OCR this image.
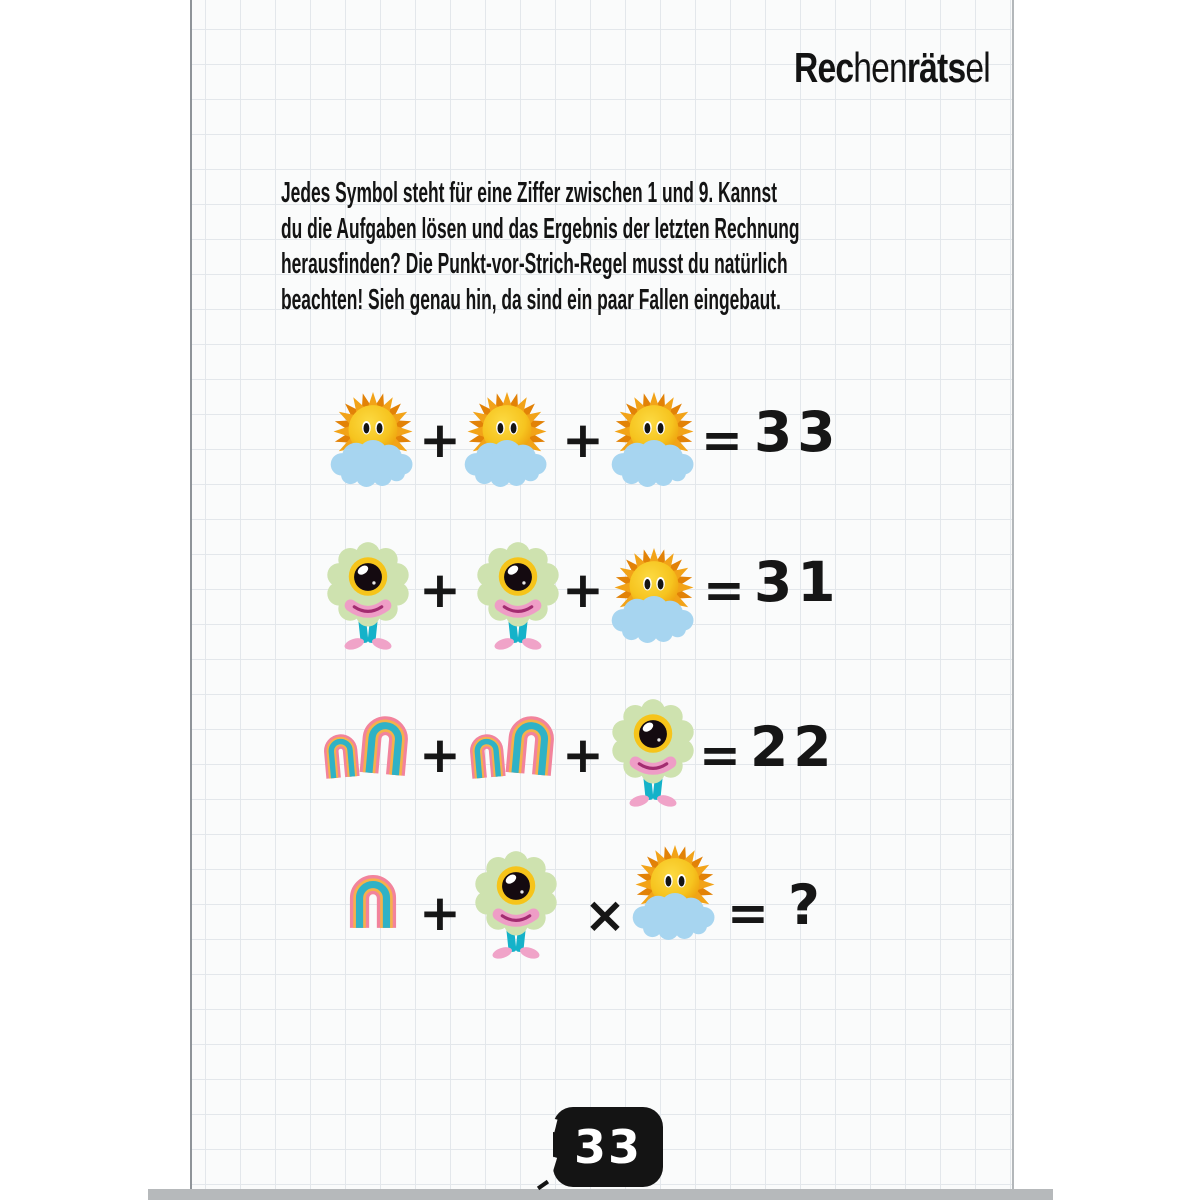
Rechenrätsel
Jedes Symbol steht für eine Ziffer zwischen 1 und 9. Kannst
du die Aufgaben lösen und das Ergebnis der letzten Rechnung
herausfinden? Die Punkt-vor-Strich-Regel musst du natürlich
beachten! Sieh genau hin, da sind ein paar Fallen eingebaut.
+ + = 33
+ + = 31
+ + = 22
+ × = ?
33
